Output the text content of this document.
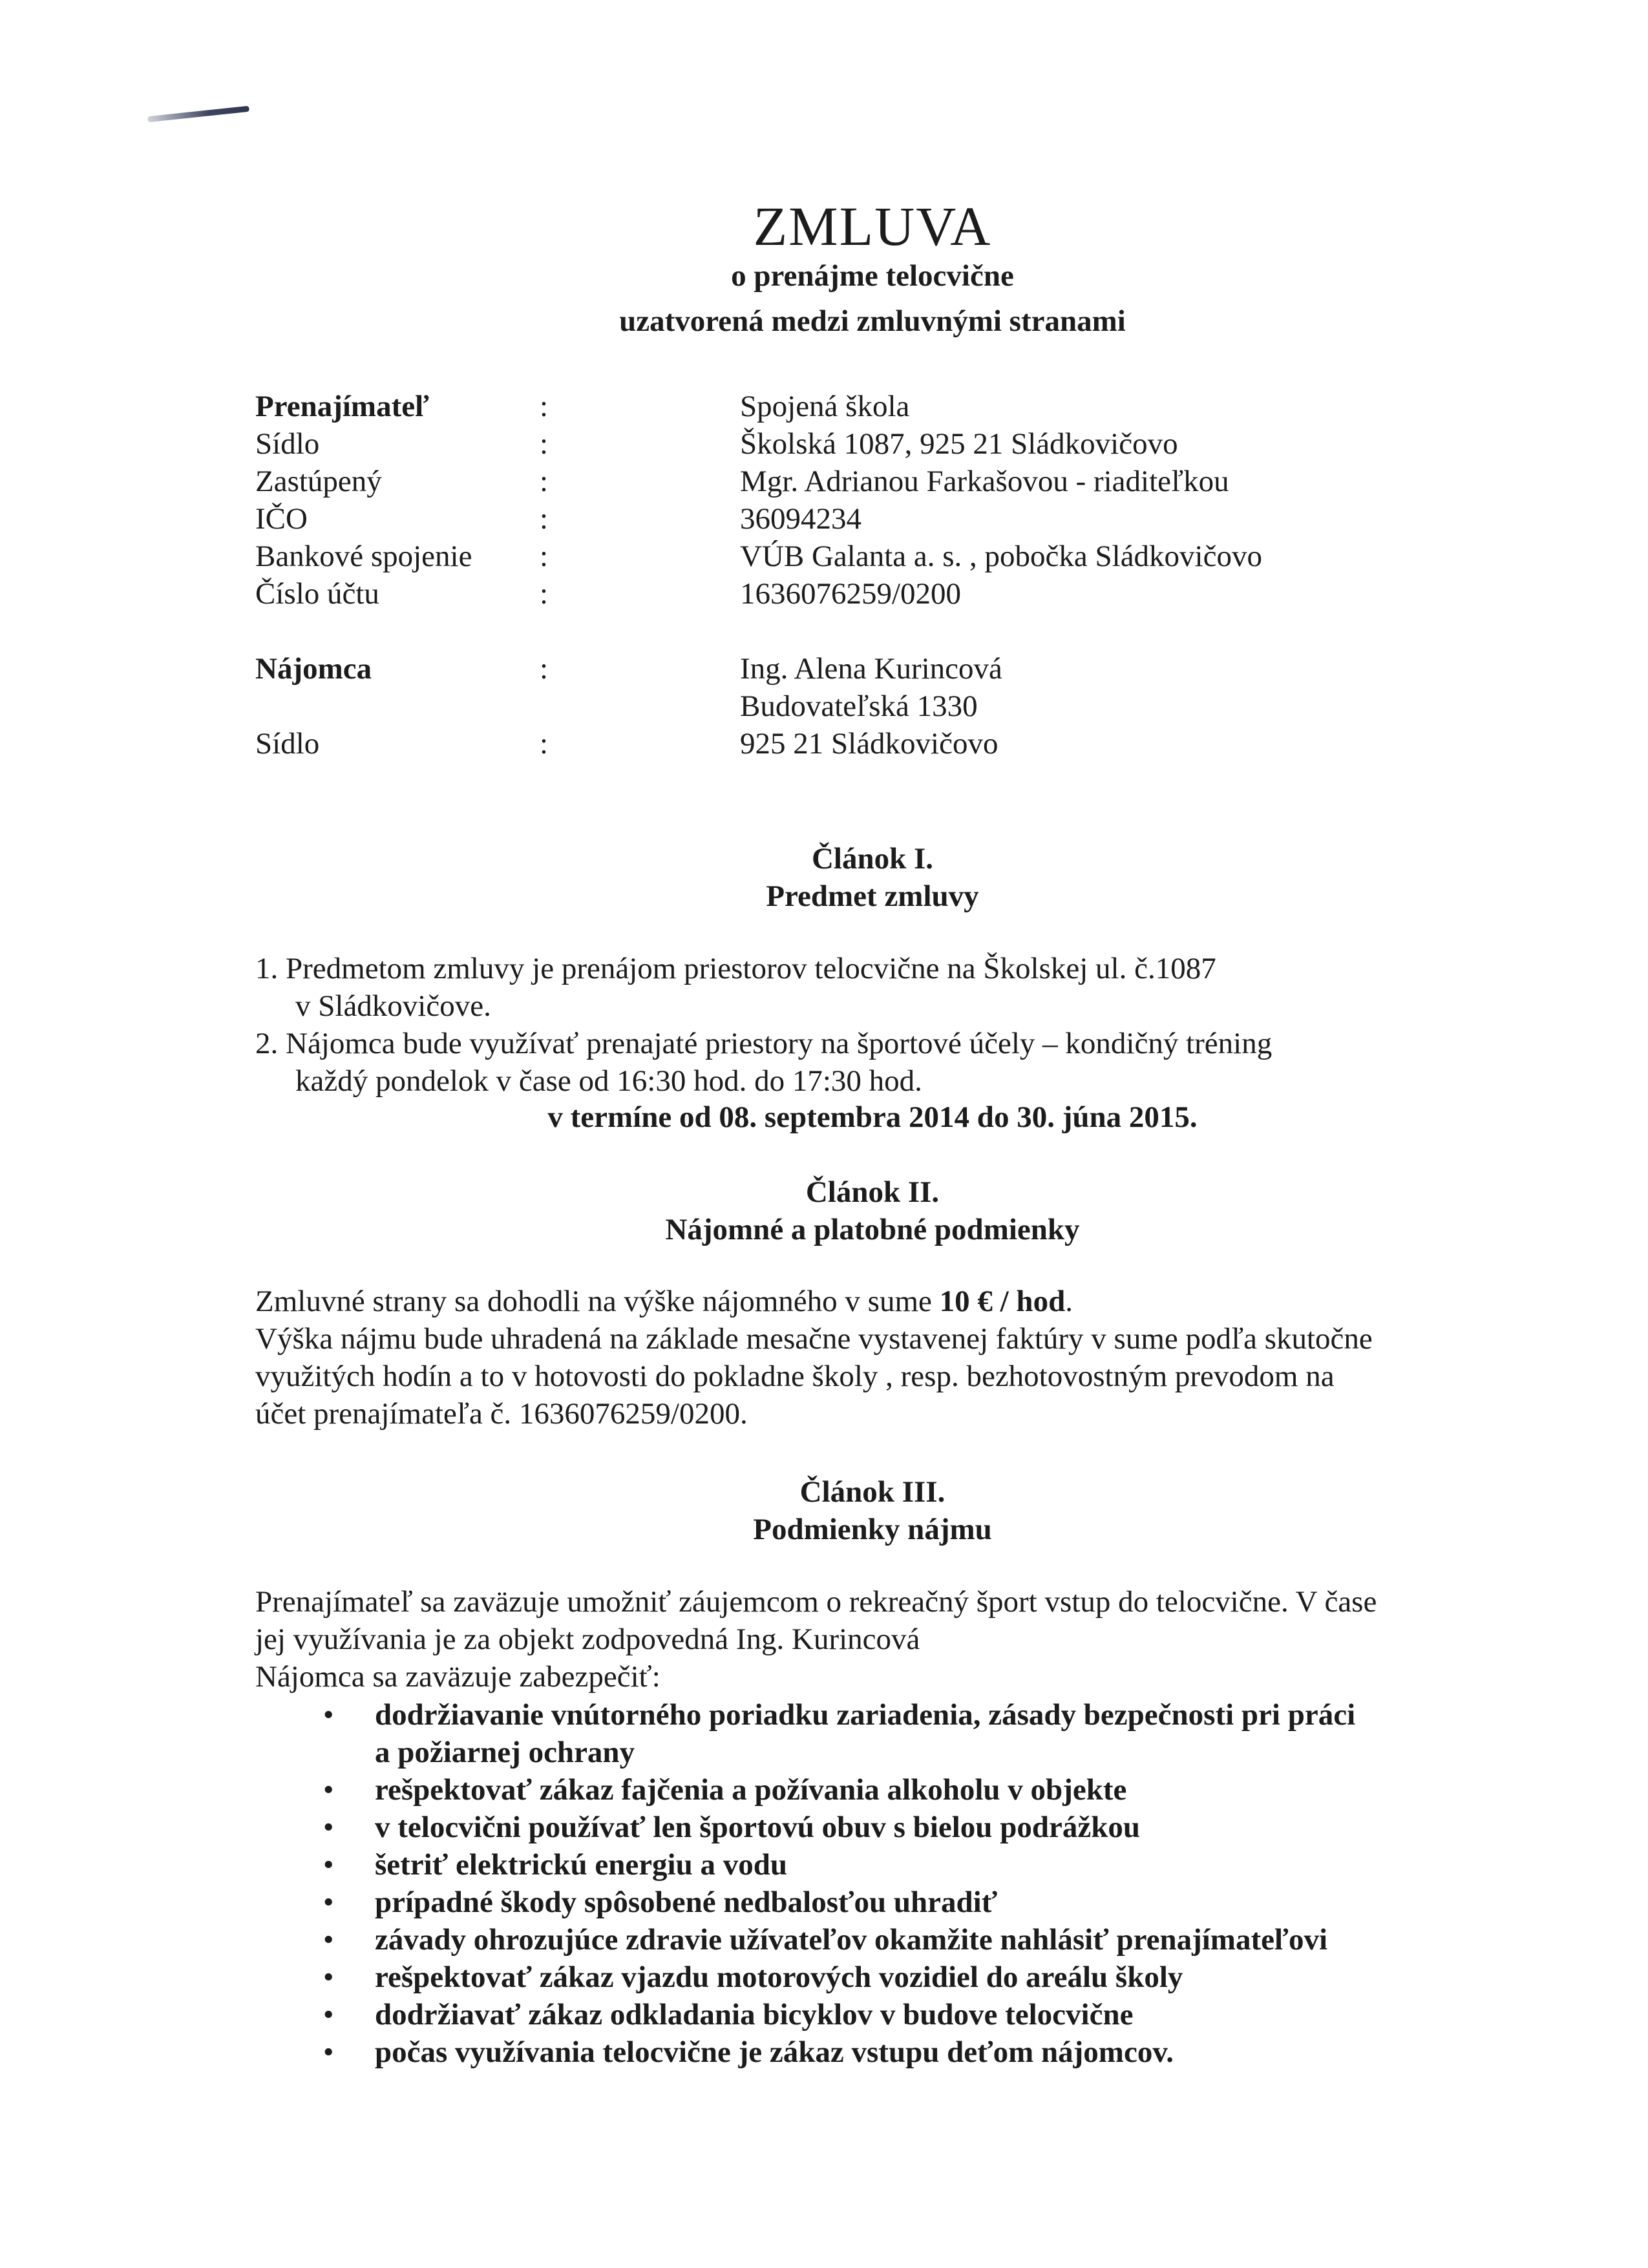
ZMLUVA
o prenájme telocvične
uzatvorená medzi zmluvnými stranami
Prenajímateľ	:	Spojená škola
Sídlo	:	Školská 1087, 925 21 Sládkovičovo
Zastúpený	:	Mgr. Adrianou Farkašovou - riaditeľkou
IČO	:	36094234
Bankové spojenie	:	VÚB Galanta a. s. , pobočka Sládkovičovo
Číslo účtu	:	1636076259/0200
Nájomca	:	Ing. Alena Kurincová
Budovateľská 1330
Sídlo	:	925 21 Sládkovičovo
Článok I.
Predmet zmluvy
1. Predmetom zmluvy je prenájom priestorov telocvične na Školskej ul. č.1087
v Sládkovičove.
2. Nájomca bude využívať prenajaté priestory na športové účely – kondičný tréning
každý pondelok v čase od 16:30 hod. do 17:30 hod.
v termíne od 08. septembra 2014 do 30. júna 2015.
Článok II.
Nájomné a platobné podmienky
Zmluvné strany sa dohodli na výške nájomného v sume 10 € / hod.
Výška nájmu bude uhradená na základe mesačne vystavenej faktúry v sume podľa skutočne
využitých hodín a to v hotovosti do pokladne školy , resp. bezhotovostným prevodom na
účet prenajímateľa č. 1636076259/0200.
Článok III.
Podmienky nájmu
Prenajímateľ sa zaväzuje umožniť záujemcom o rekreačný šport vstup do telocvične. V čase
jej využívania je za objekt zodpovedná Ing. Kurincová
Nájomca sa zaväzuje zabezpečiť:
• dodržiavanie vnútorného poriadku zariadenia, zásady bezpečnosti pri práci
a požiarnej ochrany
• rešpektovať zákaz fajčenia a požívania alkoholu v objekte
• v telocvični používať len športovú obuv s bielou podrážkou
• šetriť elektrickú energiu a vodu
• prípadné škody spôsobené nedbalosťou uhradiť
• závady ohrozujúce zdravie užívateľov okamžite nahlásiť prenajímateľovi
• rešpektovať zákaz vjazdu motorových vozidiel do areálu školy
• dodržiavať zákaz odkladania bicyklov v budove telocvične
• počas využívania telocvične je zákaz vstupu deťom nájomcov.
